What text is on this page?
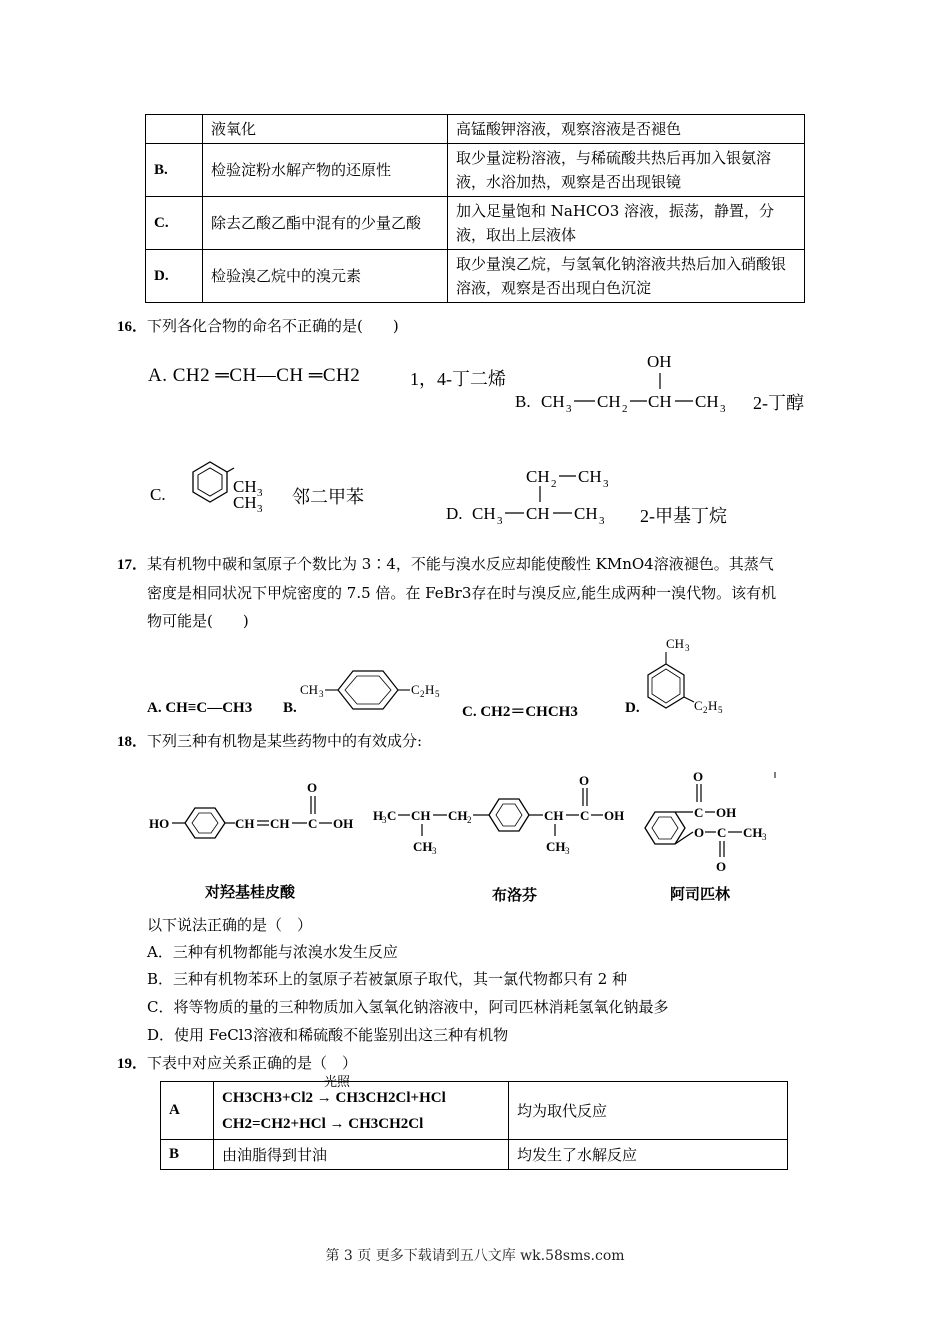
	液氧化	高锰酸钾溶液，观察溶液是否褪色
B.	检验淀粉水解产物的还原性	取少量淀粉溶液，与稀硫酸共热后再加入银氨溶液，水浴加热，观察是否出现银镜
C.	除去乙酸乙酯中混有的少量乙酸	加入足量饱和 NaHCO3 溶液，振荡，静置，分液，取出上层液体
D.	检验溴乙烷中的溴元素	取少量溴乙烷，与氢氧化钠溶液共热后加入硝酸银溶液，观察是否出现白色沉淀
16．下列各化合物的命名不正确的是(　　)
A. CH2 ═CH—CH ═CH2	1，4-丁二烯
OH
B. CH 3 CH 2 CH CH 3 2-丁醇
C.	CH 3
CH 3
邻二甲苯
CH 2 CH 3
D. CH 3 CH CH 3 2-甲基丁烷
17．某有机物中碳和氢原子个数比为 3∶4，不能与溴水反应却能使酸性 KMnO4溶液褪色。其蒸气
密度是相同状况下甲烷密度的 7.5 倍。在 FeBr3存在时与溴反应,能生成两种一溴代物。该有机
物可能是(　　)
A. CH≡C—CH3 B.
CH 3	C 2 H 5
C. CH2＝CHCH3	D.
CH 3
C 2 H 5
18．下列三种有机物是某些药物中的有效成分:
HO	CH CH C
O
OH
H
3 C CH
CH 3
CH 2	CH
CH 3
C
O
OH	C
O
OH
O C
O
CH 3
对羟基桂皮酸	布洛芬	阿司匹林
以下说法正确的是（　）
A．三种有机物都能与浓溴水发生反应
B．三种有机物苯环上的氢原子若被氯原子取代，其一氯代物都只有 2 种
C．将等物质的量的三种物质加入氢氧化钠溶液中，阿司匹林消耗氢氧化钠最多
D．使用 FeCl3溶液和稀硫酸不能鉴别出这三种有机物
19．下表中对应关系正确的是（　）
A	CH3CH3+Cl2 → CH3CH2Cl+HCl
光照
CH2=CH2+HCl → CH3CH2Cl	均为取代反应
B	由油脂得到甘油	均发生了水解反应
第 3 页 更多下载请到五八文库 wk.58sms.com
